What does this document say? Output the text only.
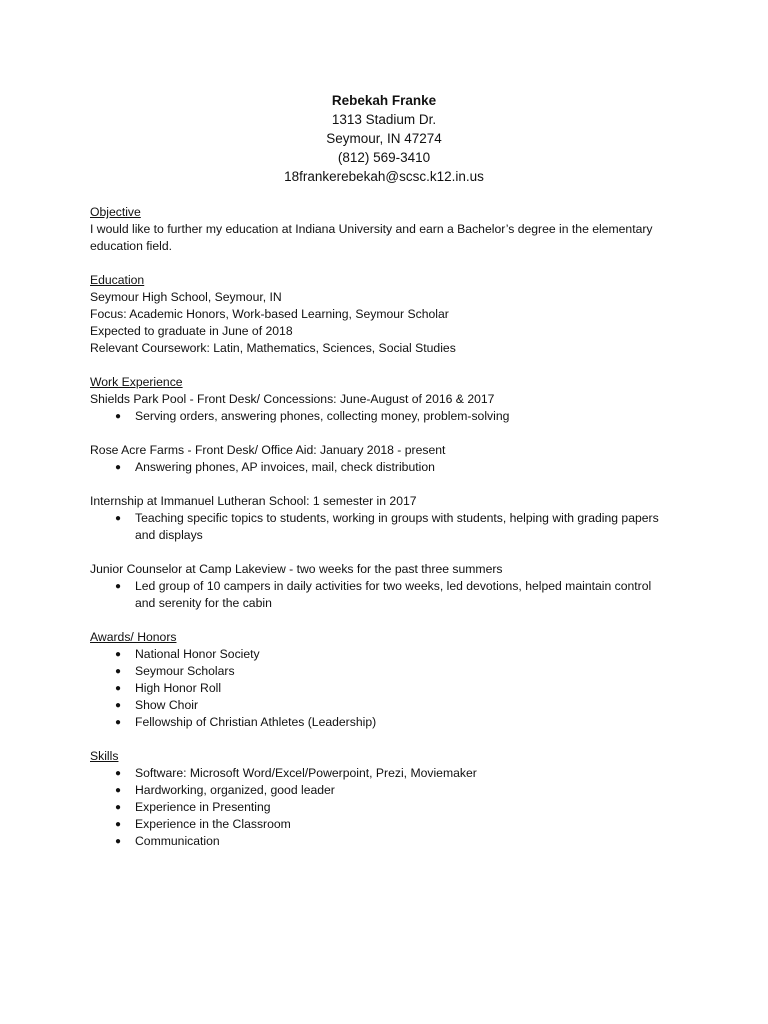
Rebekah Franke
1313 Stadium Dr.
Seymour, IN 47274
(812) 569-3410
18frankerebekah@scsc.k12.in.us
Objective

I would like to further my education at Indiana University and earn a Bachelor’s degree in the elementary

education field.

Education

Seymour High School, Seymour, IN

Focus: Academic Honors, Work-based Learning, Seymour Scholar

Expected to graduate in June of 2018

Relevant Coursework: Latin, Mathematics, Sciences, Social Studies

Work Experience

Shields Park Pool - Front Desk/ Concessions: June-August of 2016 & 2017

● Serving orders, answering phones, collecting money, problem-solving

Rose Acre Farms - Front Desk/ Office Aid: January 2018 - present

● Answering phones, AP invoices, mail, check distribution

Internship at Immanuel Lutheran School: 1 semester in 2017

● Teaching specific topics to students, working in groups with students, helping with grading papers
and displays

Junior Counselor at Camp Lakeview - two weeks for the past three summers

● Led group of 10 campers in daily activities for two weeks, led devotions, helped maintain control
and serenity for the cabin
Awards/ Honors
● National Honor Society
● Seymour Scholars
● High Honor Roll
● Show Choir
● Fellowship of Christian Athletes (Leadership)
Skills
● Software: Microsoft Word/Excel/Powerpoint, Prezi, Moviemaker
● Hardworking, organized, good leader
● Experience in Presenting
● Experience in the Classroom
● Communication
